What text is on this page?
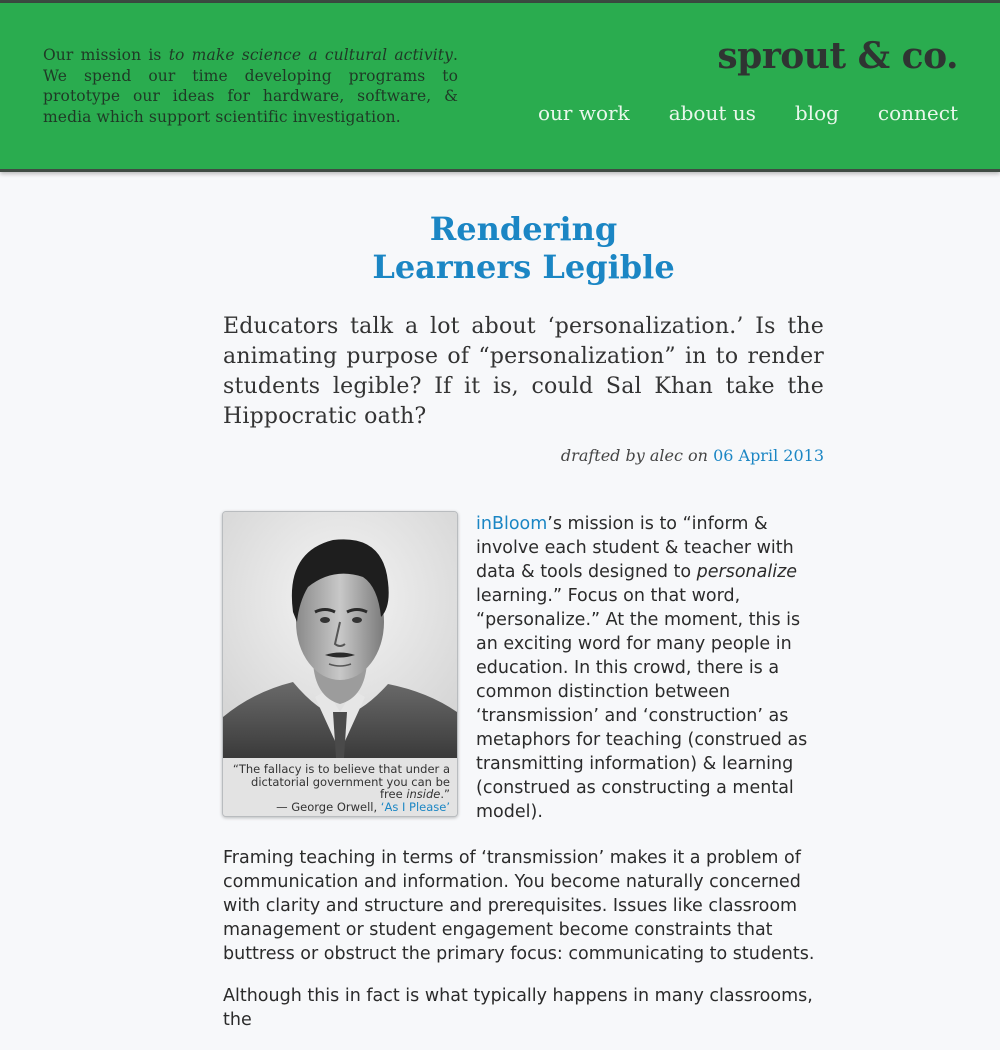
Our mission is to make science a cultural activity. We spend our time developing programs to prototype our ideas for hardware, software, & media which support scientific investigation.
sprout & co.
our work about us blog connect
Rendering
Learners Legible
Educators talk a lot about ‘personalization.’ Is the animating purpose of “personalization” in to render students legible? If it is, could Sal Khan take the Hippocratic oath?
drafted by alec on 06 April 2013

inBloom’s mission is to “inform & involve each student & teacher with data & tools designed to personalize learning.” Focus on that word, “personalize.” At the moment, this is an exciting word for many people in education. In this crowd, there is a common distinction between ‘transmission’ and ‘construction’ as metaphors for teaching (construed as transmitting information) & learning (construed as constructing a mental model).

Framing teaching in terms of ‘transmission’ makes it a problem of communication and information. You become naturally concerned with clarity and structure and prerequisites. Issues like classroom management or student engagement become constraints that buttress or obstruct the primary focus: communicating to students.

Although this in fact is what typically happens in many classrooms, the

“The fallacy is to believe that under a dictatorial government you can be free inside.”
— George Orwell, ‘As I Please’
